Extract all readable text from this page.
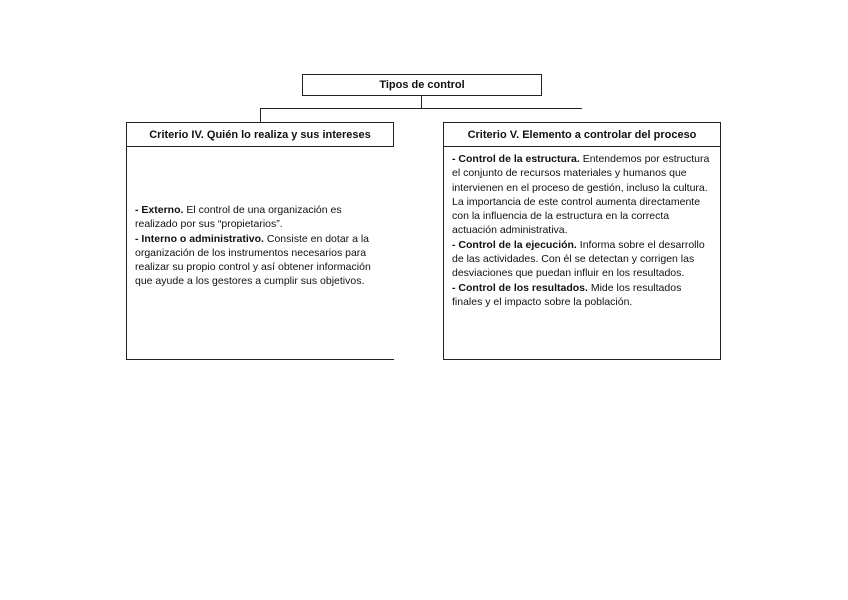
Tipos de control
Criterio IV. Quién lo realiza y sus intereses

- Externo. El control de una organización es realizado por sus “propietarios”.

- Interno o administrativo. Consiste en dotar a la organización de los instrumentos necesarios para realizar su propio control y así obtener información que ayude a los gestores a cumplir sus objetivos.

Criterio V. Elemento a controlar del proceso

- Control de la estructura. Entendemos por estructura el conjunto de recursos materiales y humanos que intervienen en el proceso de gestión, incluso la cultura. La importancia de este control aumenta directamente con la influencia de la estructura en la correcta actuación administrativa.

- Control de la ejecución. Informa sobre el desarrollo de las actividades. Con él se detectan y corrigen las desviaciones que puedan influir en los resultados.

- Control de los resultados. Mide los resultados finales y el impacto sobre la población.
